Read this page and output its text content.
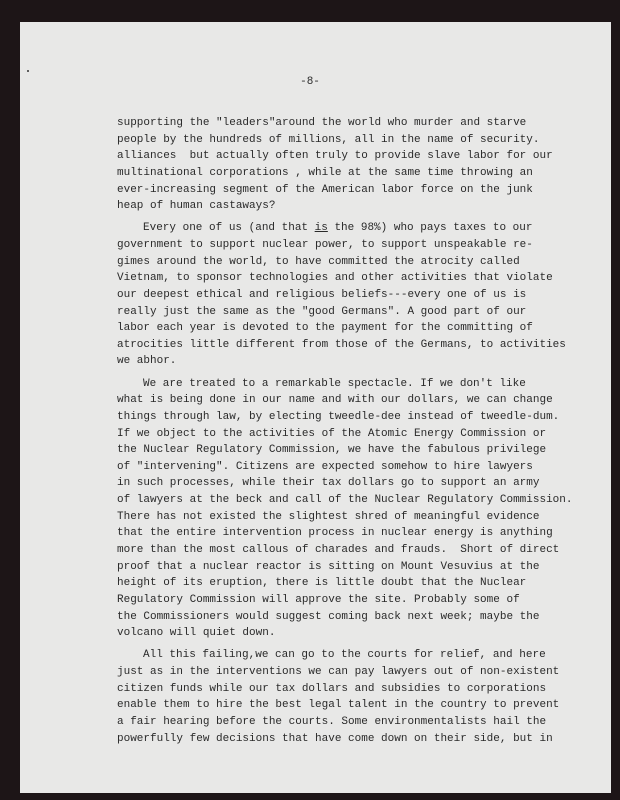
-8-
supporting the "leaders"around the world who murder and starve
people by the hundreds of millions, all in the name of security.
alliances  but actually often truly to provide slave labor for our
multinational corporations , while at the same time throwing an
ever-increasing segment of the American labor force on the junk
heap of human castaways?
Every one of us (and that is the 98%) who pays taxes to our
government to support nuclear power, to support unspeakable re-
gimes around the world, to have committed the atrocity called
Vietnam, to sponsor technologies and other activities that violate
our deepest ethical and religious beliefs---every one of us is
really just the same as the "good Germans". A good part of our
labor each year is devoted to the payment for the committing of
atrocities little different from those of the Germans, to activities
we abhor.
We are treated to a remarkable spectacle. If we don't like
what is being done in our name and with our dollars, we can change
things through law, by electing tweedle-dee instead of tweedle-dum.
If we object to the activities of the Atomic Energy Commission or
the Nuclear Regulatory Commission, we have the fabulous privilege
of "intervening". Citizens are expected somehow to hire lawyers
in such processes, while their tax dollars go to support an army
of lawyers at the beck and call of the Nuclear Regulatory Commission.
There has not existed the slightest shred of meaningful evidence
that the entire intervention process in nuclear energy is anything
more than the most callous of charades and frauds.  Short of direct
proof that a nuclear reactor is sitting on Mount Vesuvius at the
height of its eruption, there is little doubt that the Nuclear
Regulatory Commission will approve the site. Probably some of
the Commissioners would suggest coming back next week; maybe the
volcano will quiet down.
All this failing,we can go to the courts for relief, and here
just as in the interventions we can pay lawyers out of non-existent
citizen funds while our tax dollars and subsidies to corporations
enable them to hire the best legal talent in the country to prevent
a fair hearing before the courts. Some environmentalists hail the
powerfully few decisions that have come down on their side, but in
